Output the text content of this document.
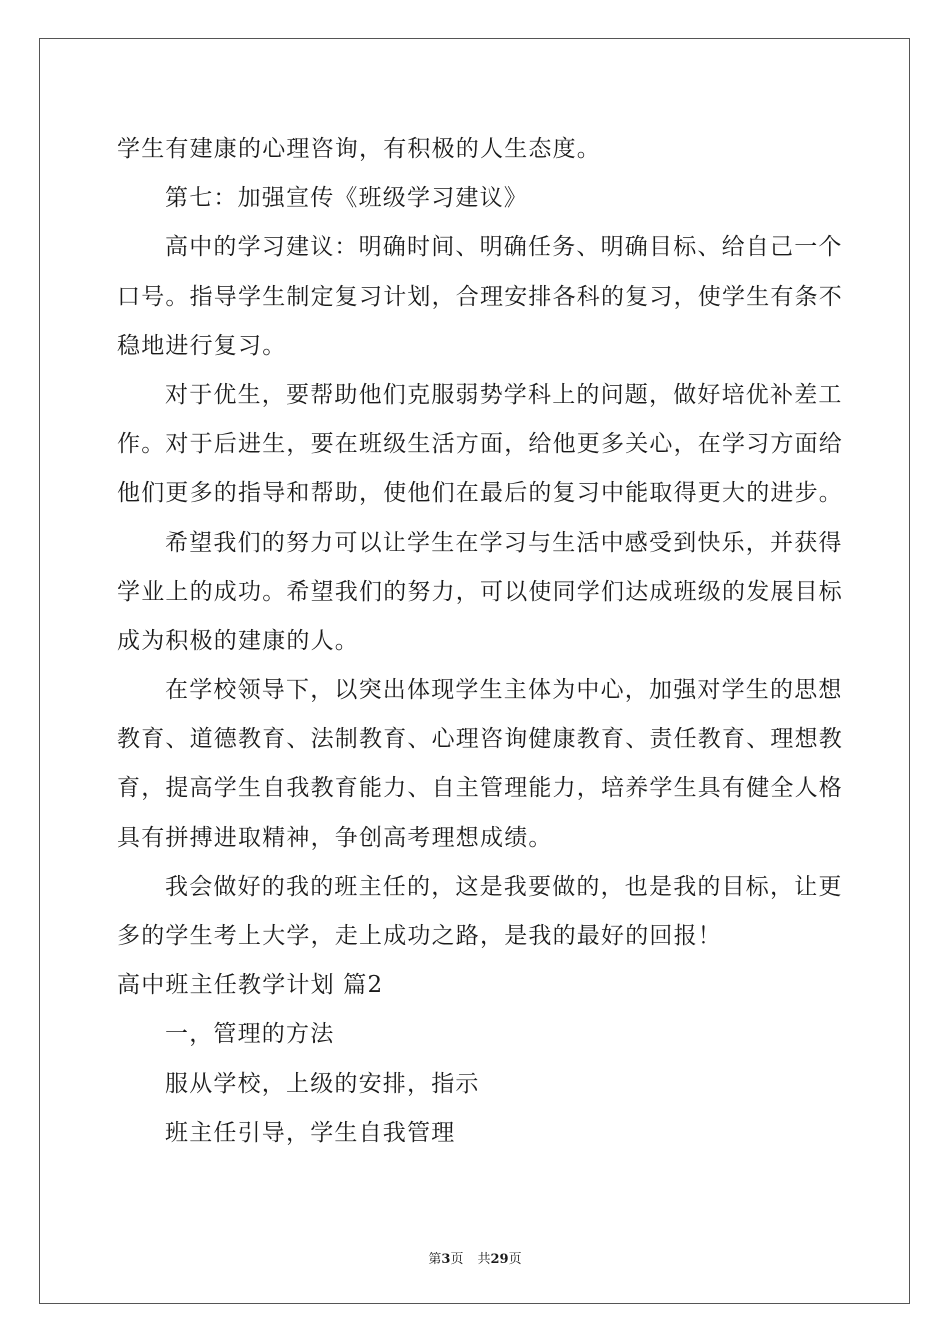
学生有建康的心理咨询，有积极的人生态度。
第七：加强宣传《班级学习建议》
高中的学习建议：明确时间、明确任务、明确目标、给自己一个
口号。指导学生制定复习计划，合理安排各科的复习，使学生有条不
稳地进行复习。
对于优生，要帮助他们克服弱势学科上的问题，做好培优补差工
作。对于后进生，要在班级生活方面，给他更多关心，在学习方面给
他们更多的指导和帮助，使他们在最后的复习中能取得更大的进步。
希望我们的努力可以让学生在学习与生活中感受到快乐，并获得
学业上的成功。希望我们的努力，可以使同学们达成班级的发展目标
成为积极的建康的人。
在学校领导下，以突出体现学生主体为中心，加强对学生的思想
教育、道德教育、法制教育、心理咨询健康教育、责任教育、理想教
育，提高学生自我教育能力、自主管理能力，培养学生具有健全人格
具有拼搏进取精神，争创高考理想成绩。
我会做好的我的班主任的，这是我要做的，也是我的目标，让更
多的学生考上大学，走上成功之路，是我的最好的回报！
高中班主任教学计划 篇2
一，管理的方法
服从学校，上级的安排，指示
班主任引导，学生自我管理
第3页 共29页
